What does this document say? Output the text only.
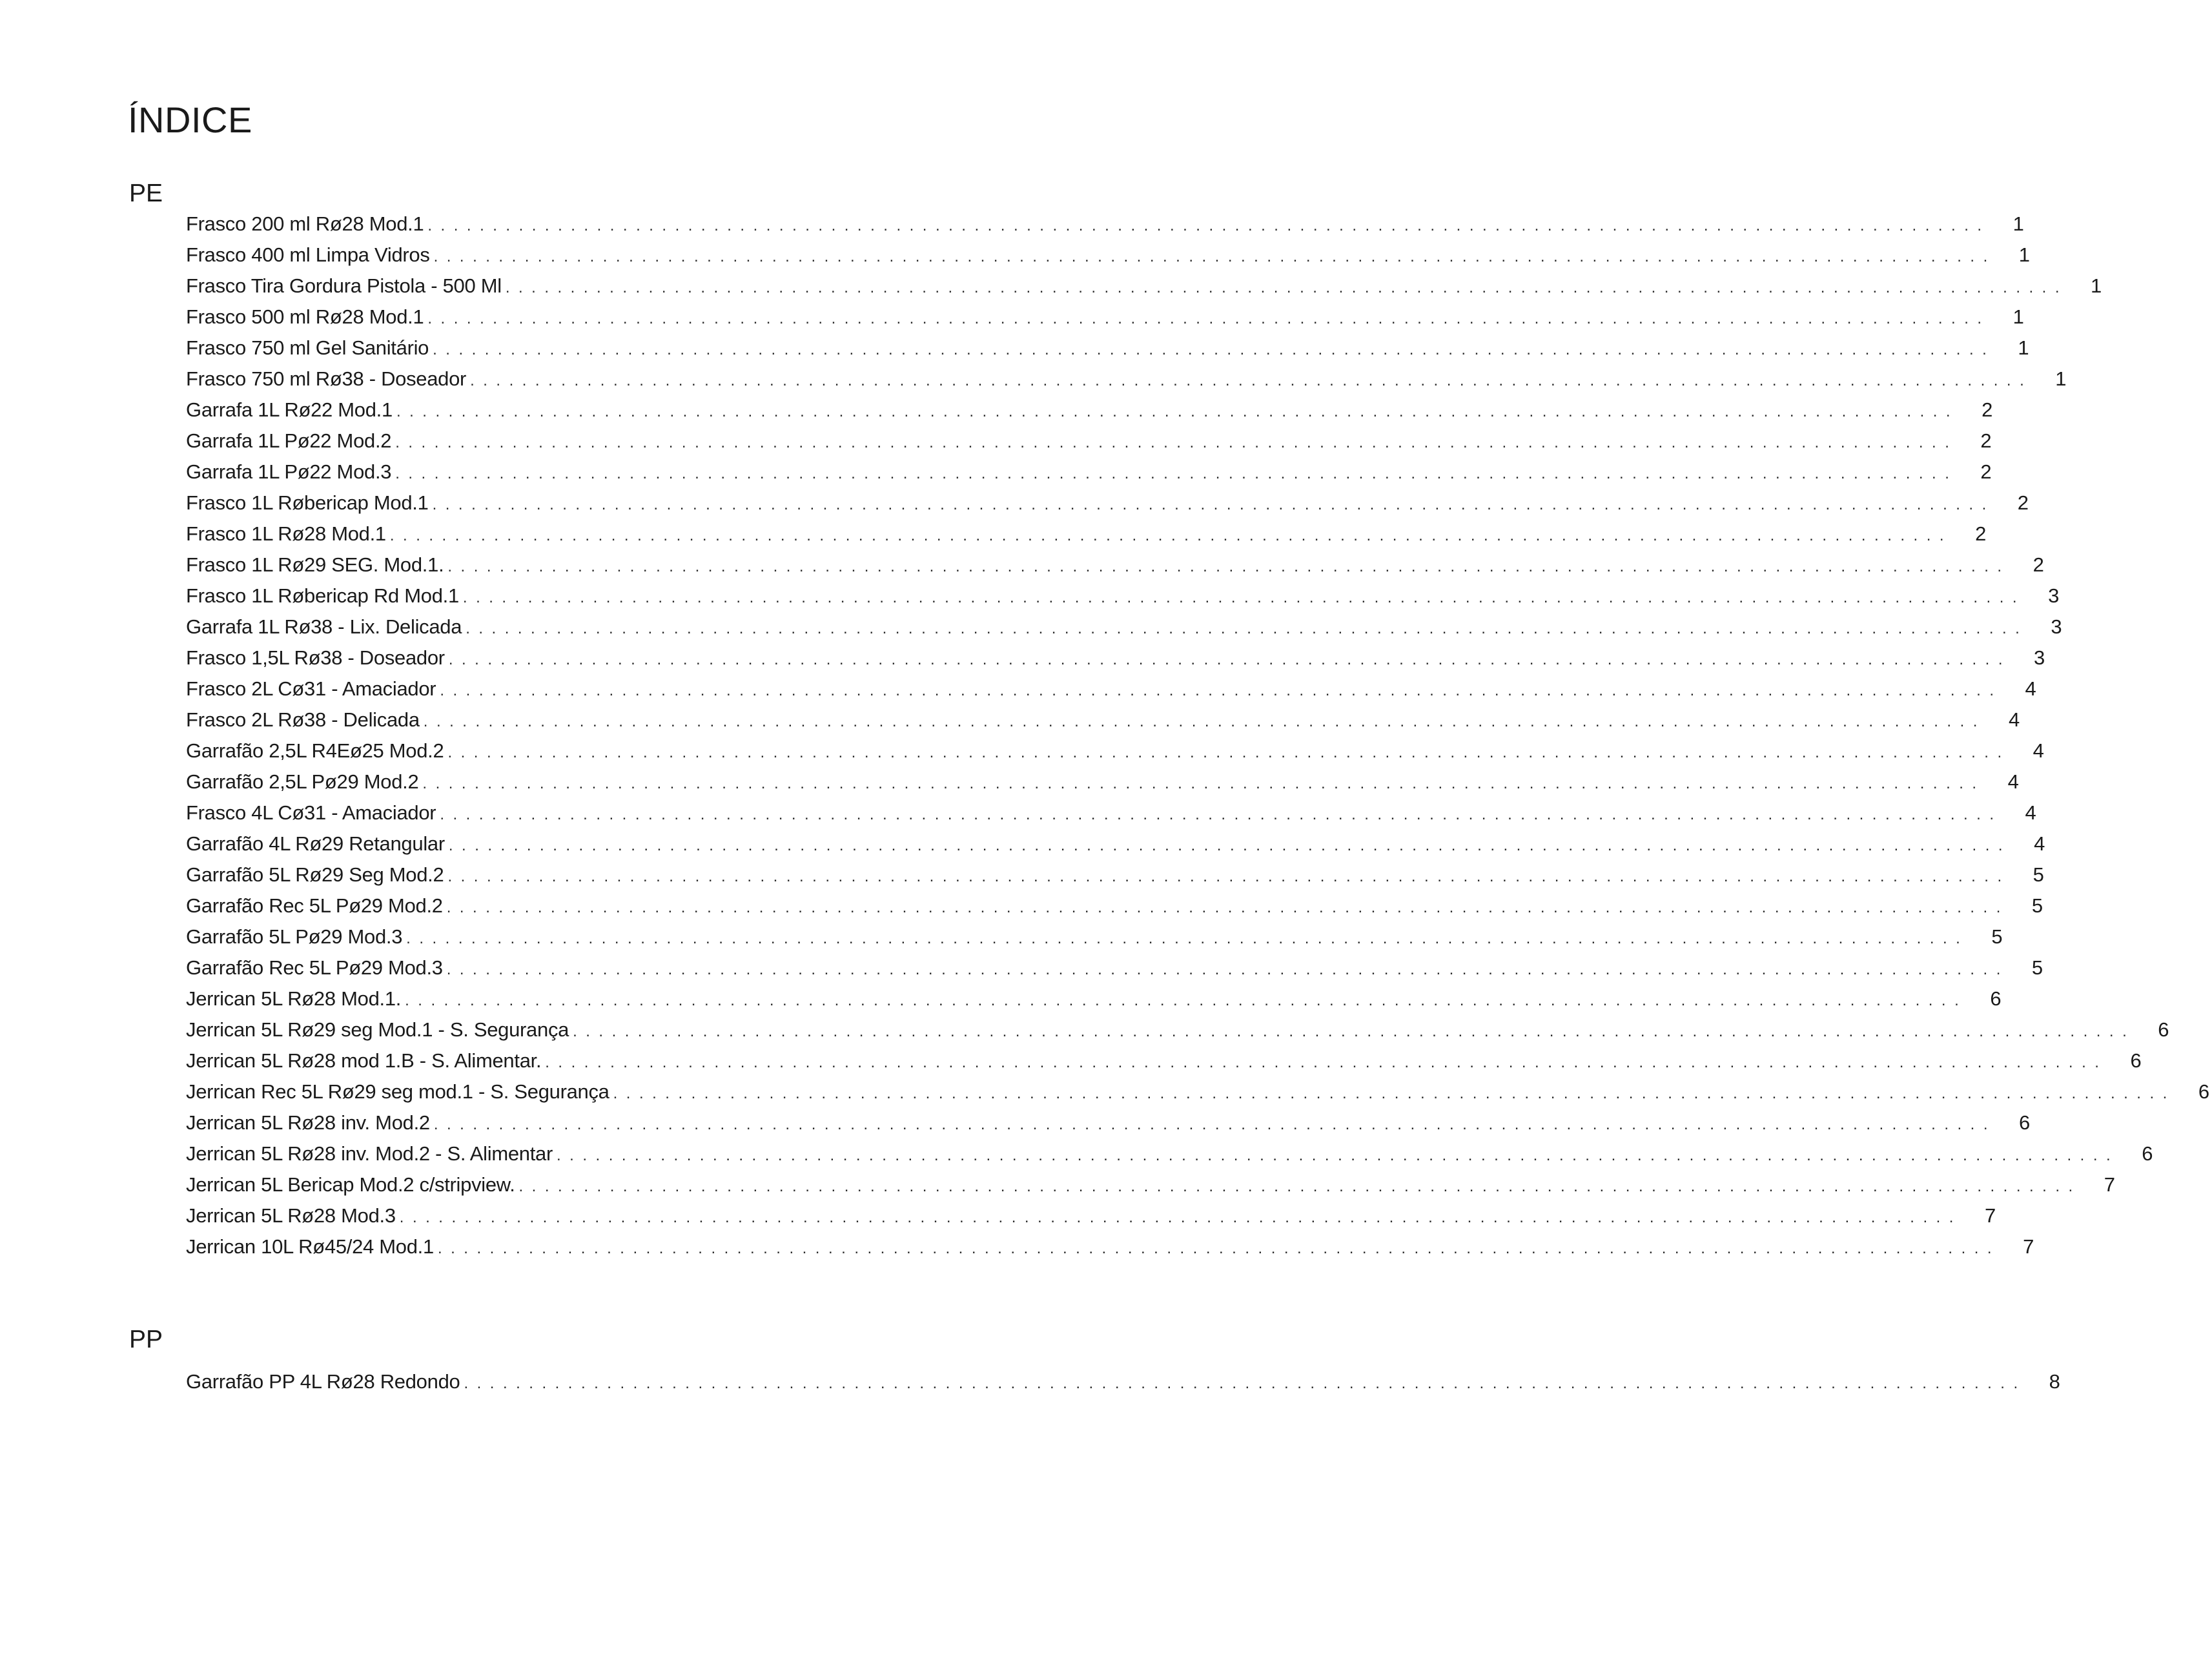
ÍNDICE
PE
Frasco 200 ml Rø28 Mod.1 ........................................................................................................................	1
Frasco 400 ml Limpa Vidros ........................................................................................................................	1
Frasco Tira Gordura Pistola - 500 Ml ........................................................................................................................	1
Frasco 500 ml Rø28 Mod.1 ........................................................................................................................	1
Frasco 750 ml Gel Sanitário ........................................................................................................................	1
Frasco 750 ml Rø38 - Doseador ........................................................................................................................	1
Garrafa 1L Rø22 Mod.1 ........................................................................................................................	2
Garrafa 1L Pø22 Mod.2 ........................................................................................................................	2
Garrafa 1L Pø22 Mod.3 ........................................................................................................................	2
Frasco 1L Røbericap Mod.1 ........................................................................................................................	2
Frasco 1L Rø28 Mod.1 ........................................................................................................................	2
Frasco 1L Rø29 SEG. Mod.1. ........................................................................................................................	2
Frasco 1L Røbericap Rd Mod.1 ........................................................................................................................	3
Garrafa 1L Rø38 - Lix. Delicada ........................................................................................................................	3
Frasco 1,5L Rø38 - Doseador ........................................................................................................................	3
Frasco 2L Cø31 - Amaciador ........................................................................................................................	4
Frasco 2L Rø38 - Delicada ........................................................................................................................	4
Garrafão 2,5L R4Eø25 Mod.2 ........................................................................................................................	4
Garrafão 2,5L Pø29 Mod.2 ........................................................................................................................	4
Frasco 4L Cø31 - Amaciador ........................................................................................................................	4
Garrafão 4L Rø29 Retangular ........................................................................................................................	4
Garrafão 5L Rø29 Seg Mod.2 ........................................................................................................................	5
Garrafão Rec 5L Pø29 Mod.2 ........................................................................................................................	5
Garrafão 5L Pø29 Mod.3 ........................................................................................................................	5
Garrafão Rec 5L Pø29 Mod.3 ........................................................................................................................	5
Jerrican 5L Rø28 Mod.1. ........................................................................................................................	6
Jerrican 5L Rø29 seg Mod.1 - S. Segurança ........................................................................................................................	6
Jerrican 5L Rø28 mod 1.B - S. Alimentar. ........................................................................................................................	6
Jerrican Rec 5L Rø29 seg mod.1 - S. Segurança ........................................................................................................................	6
Jerrican 5L Rø28 inv. Mod.2 ........................................................................................................................	6
Jerrican 5L Rø28 inv. Mod.2 - S. Alimentar ........................................................................................................................	6
Jerrican 5L Bericap Mod.2 c/stripview. ........................................................................................................................	7
Jerrican 5L Rø28 Mod.3 ........................................................................................................................	7
Jerrican 10L Rø45/24 Mod.1 ........................................................................................................................	7
PP
Garrafão PP 4L Rø28 Redondo ........................................................................................................................	8
